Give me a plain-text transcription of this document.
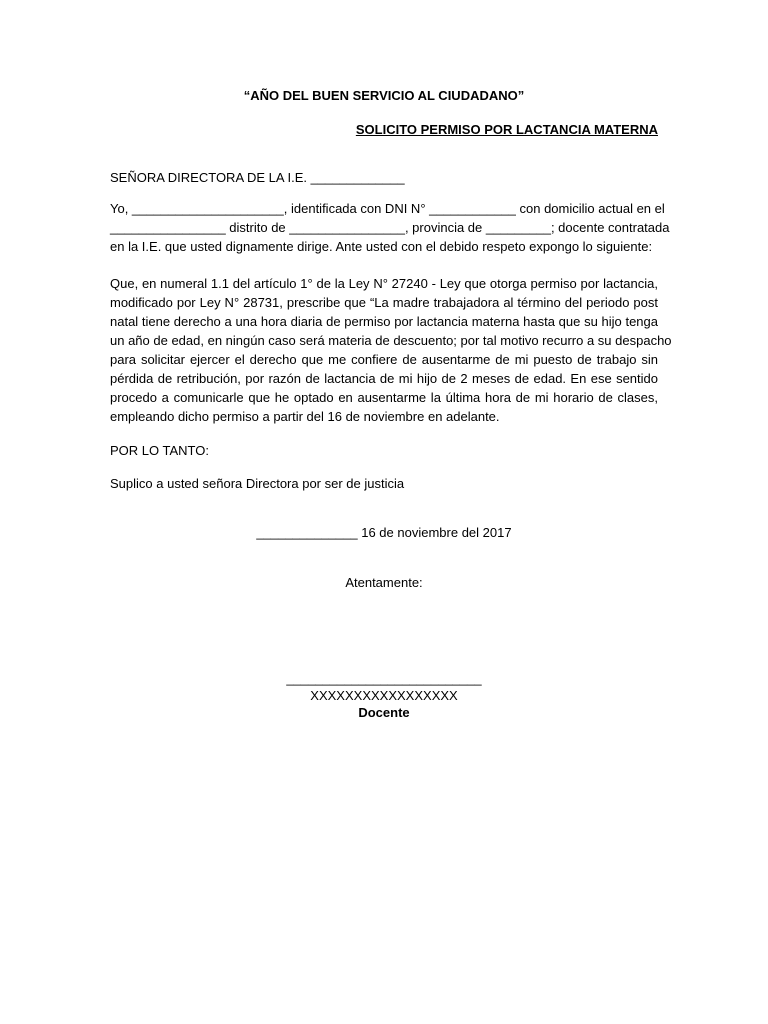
“AÑO DEL BUEN SERVICIO AL CIUDADANO”
SOLICITO PERMISO POR LACTANCIA MATERNA
SEÑORA DIRECTORA DE LA I.E. _____________
Yo, _____________________, identificada con DNI N° ____________ con domicilio actual en el
________________ distrito de ________________, provincia de _________; docente contratada
en la I.E. que usted dignamente dirige. Ante usted con el debido respeto expongo lo siguiente:
Que, en numeral 1.1 del artículo 1° de la Ley N° 27240 - Ley que otorga permiso por lactancia,
modificado por Ley N° 28731, prescribe que “La madre trabajadora al término del periodo post
natal tiene derecho a una hora diaria de permiso por lactancia materna hasta que su hijo tenga
un año de edad, en ningún caso será materia de descuento; por tal motivo recurro a su despacho
para solicitar ejercer el derecho que me confiere de ausentarme de mi puesto de trabajo sin
pérdida de retribución, por razón de lactancia de mi hijo de 2 meses de edad. En ese sentido
procedo a comunicarle que he optado en ausentarme la última hora de mi horario de clases,
empleando dicho permiso a partir del 16 de noviembre en adelante.
POR LO TANTO:
Suplico a usted señora Directora por ser de justicia
______________ 16 de noviembre del 2017
Atentamente:
___________________________
XXXXXXXXXXXXXXXXX
Docente
